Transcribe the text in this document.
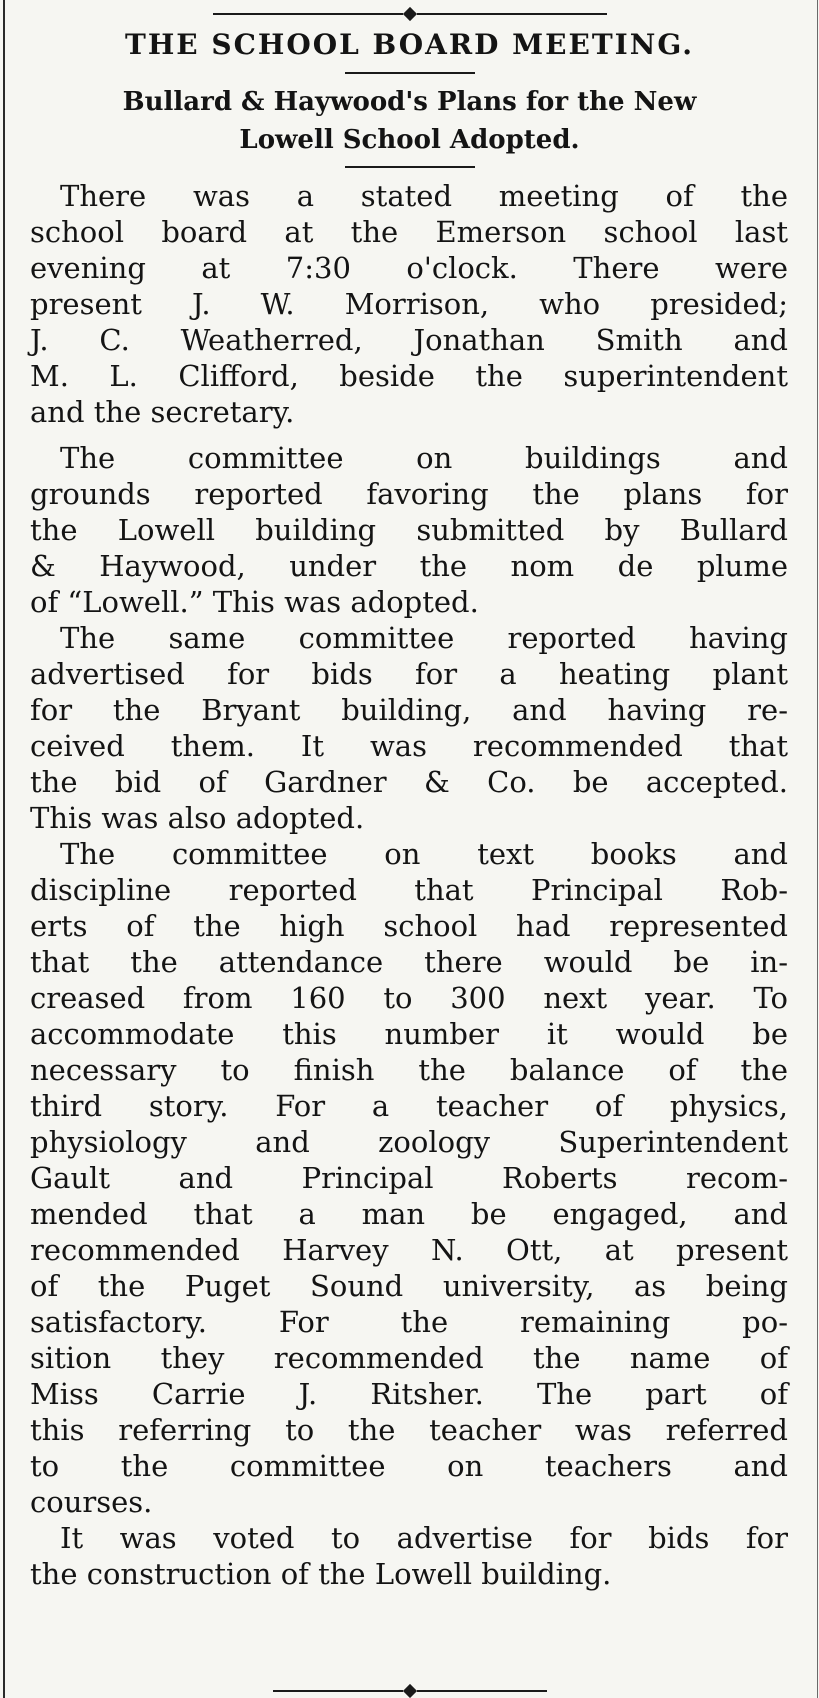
THE SCHOOL BOARD MEETING.
Bullard & Haywood's Plans for the New
Lowell School Adopted.
There was a stated meeting of the
school board at the Emerson school last
evening at 7:30 o'clock. There were
present J. W. Morrison, who presided;
J. C. Weatherred, Jonathan Smith and
M. L. Clifford, beside the superintendent
and the secretary.
The committee on buildings and
grounds reported favoring the plans for
the Lowell building submitted by Bullard
& Haywood, under the nom de plume
of “Lowell.” This was adopted.
The same committee reported having
advertised for bids for a heating plant
for the Bryant building, and having re-
ceived them. It was recommended that
the bid of Gardner & Co. be accepted.
This was also adopted.
The committee on text books and
discipline reported that Principal Rob-
erts of the high school had represented
that the attendance there would be in-
creased from 160 to 300 next year. To
accommodate this number it would be
necessary to finish the balance of the
third story. For a teacher of physics,
physiology and zoology Superintendent
Gault and Principal Roberts recom-
mended that a man be engaged, and
recommended Harvey N. Ott, at present
of the Puget Sound university, as being
satisfactory. For the remaining po-
sition they recommended the name of
Miss Carrie J. Ritsher. The part of
this referring to the teacher was referred
to the committee on teachers and
courses.
It was voted to advertise for bids for
the construction of the Lowell building.
